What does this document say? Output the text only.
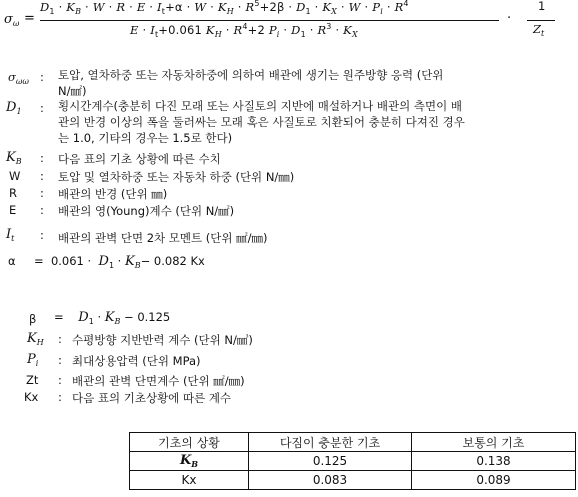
$\sigma_\omega$ =
$D_1 \cdot K_B \cdot W \cdot R \cdot E \cdot I_t+\alpha \cdot W \cdot K_H \cdot R^5+2\beta \cdot D_1 \cdot K_X \cdot W \cdot P_i \cdot R^4$
$E \cdot I_t+0.061$ $K_H \cdot R^4+2$ $P_i \cdot D_1 \cdot R^3 \cdot K_X$
·
1
$Z_t$
$\sigma_{\omega\omega}$ : 토압, 열차하중 또는 자동차하중에 의하여 배관에 생기는 원주방향 응력 (단위
N/㎟)
$D_1$ : 횡시간계수(충분히 다진 모래 또는 사질토의 지반에 매설하거나 배관의 측면이 배
관의 반경 이상의 폭을 둘러싸는 모래 혹은 사질토로 치환되어 충분히 다져진 경우
는 1.0, 기타의 경우는 1.5로 한다)
$K_B$ : 다음 표의 기초 상황에 따른 수치
W : 토압 및 열차하중 또는 자동차 하중 (단위 N/㎜)
R : 배관의 반경 (단위 ㎜)
E : 배관의 영(Young)계수 (단위 N/㎟)
$I_t$ : 배관의 관벽 단면 2차 모멘트 (단위 ㎟/㎜)
$\alpha = 0.061 \cdot D_1 \cdot K_B- 0.082$ Kx
β =    $D_1 \cdot K_B - 0.125$
$K_H$ : 수평방향 지반반력 계수 (단위 N/㎣)
$P_i$ : 최대상용압력 (단위 MPa)
Zt : 배관의 관벽 단면계수 (단위 ㎟/㎜)
Kx : 다음 표의 기초상황에 따른 계수
기초의 상황	다짐이 충분한 기초	보통의 기초
$K_B$	0.125	0.138
Kx	0.083	0.089
